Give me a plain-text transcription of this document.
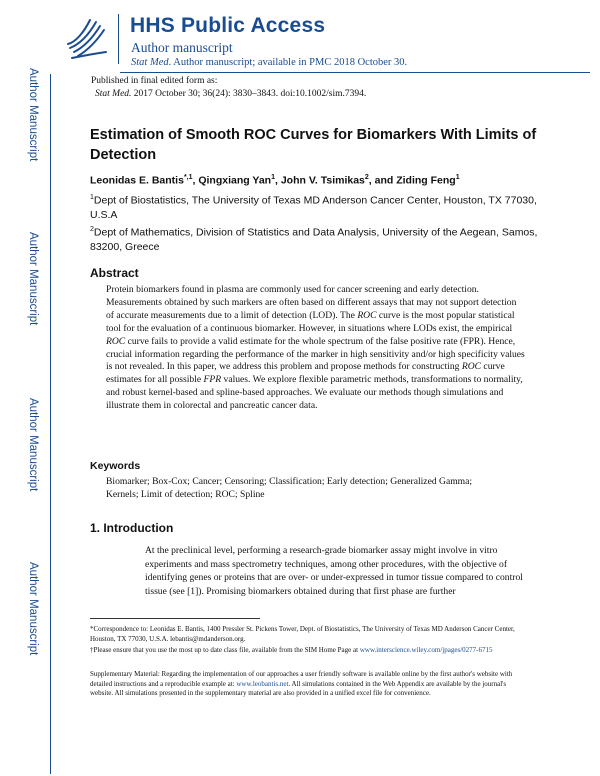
HHS Public Access
Author manuscript
Stat Med. Author manuscript; available in PMC 2018 October 30.
Author Manuscript
Author Manuscript
Author Manuscript
Author Manuscript
Published in final edited form as:
Stat Med. 2017 October 30; 36(24): 3830–3843. doi:10.1002/sim.7394.
Estimation of Smooth ROC Curves for Biomarkers With Limits of Detection
Leonidas E. Bantis$^{*,1}$, Qingxiang Yan$^1$, John V. Tsimikas$^2$, and Ziding Feng$^1$
$^1$Dept of Biostatistics, The University of Texas MD Anderson Cancer Center, Houston, TX 77030, U.S.A
$^2$Dept of Mathematics, Division of Statistics and Data Analysis, University of the Aegean, Samos, 83200, Greece
Abstract
Protein biomarkers found in plasma are commonly used for cancer screening and early detection. Measurements obtained by such markers are often based on different assays that may not support detection of accurate measurements due to a limit of detection (LOD). The ROC curve is the most popular statistical tool for the evaluation of a continuous biomarker. However, in situations where LODs exist, the empirical ROC curve fails to provide a valid estimate for the whole spectrum of the false positive rate (FPR). Hence, crucial information regarding the performance of the marker in high sensitivity and/or high specificity values is not revealed. In this paper, we address this problem and propose methods for constructing ROC curve estimates for all possible FPR values. We explore flexible parametric methods, transformations to normality, and robust kernel-based and spline-based approaches. We evaluate our methods though simulations and illustrate them in colorectal and pancreatic cancer data.
Keywords
Biomarker; Box-Cox; Cancer; Censoring; Classification; Early detection; Generalized Gamma; Kernels; Limit of detection; ROC; Spline
1. Introduction
At the preclinical level, performing a research-grade biomarker assay might involve in vitro experiments and mass spectrometry techniques, among other procedures, with the objective of identifying genes or proteins that are over- or under-expressed in tumor tissue compared to control tissue (see [1]). Promising biomarkers obtained during that first phase are further
*Correspondence to: Leonidas E. Bantis, 1400 Pressler St. Pickens Tower, Dept. of Biostatistics, The University of Texas MD Anderson Cancer Center, Houston, TX 77030, U.S.A. lebantis@mdanderson.org.
†Please ensure that you use the most up to date class file, available from the SIM Home Page at www.interscience.wiley.com/jpages/0277-6715
Supplementary Material: Regarding the implementation of our approaches a user friendly software is available online by the first author's website with detailed instructions and a reproducible example at: www.leobantis.net. All simulations contained in the Web Appendix are available by the journal's website. All simulations presented in the supplementary material are also provided in a unified excel file for convenience.
